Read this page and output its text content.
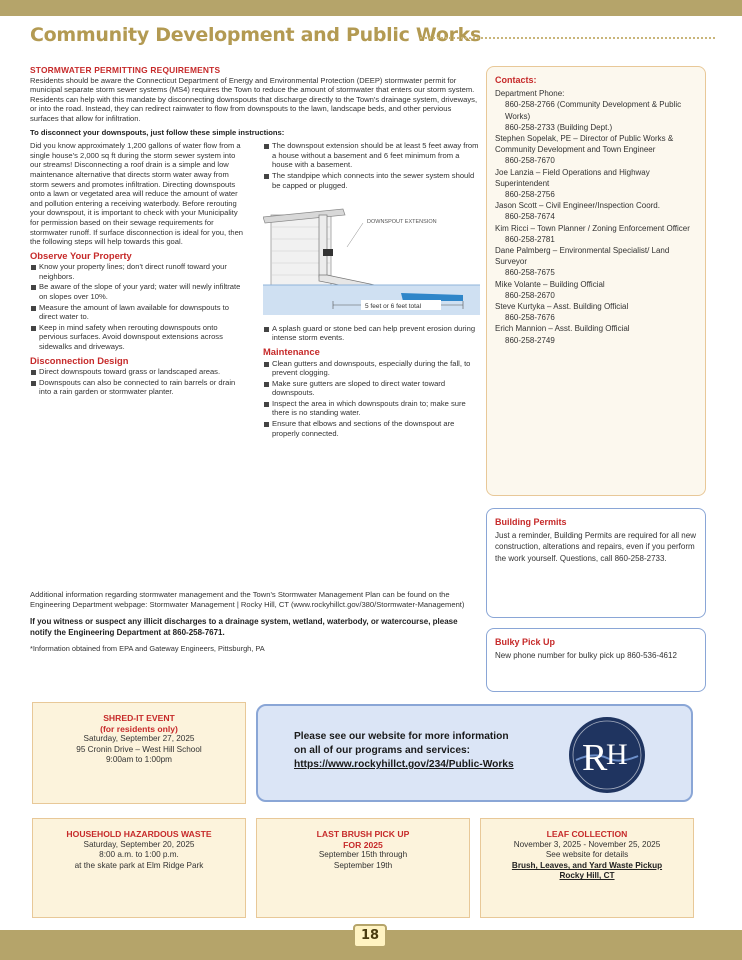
Community Development and Public Works
STORMWATER PERMITTING REQUIREMENTS
Residents should be aware the Connecticut Department of Energy and Environmental Protection (DEEP) stormwater permit for municipal separate storm sewer systems (MS4) requires the Town to reduce the amount of stormwater that enters our storm system. Residents can help with this mandate by disconnecting downspouts that discharge directly to the Town's drainage system, driveways, or into the road. Instead, they can redirect rainwater to flow from downspouts to the lawn, landscape beds, and other pervious surfaces that allow for infiltration.
To disconnect your downspouts, just follow these simple instructions:
Did you know approximately 1,200 gallons of water flow from a single house's 2,000 sq ft during the storm sewer system into our streams! Disconnecting a roof drain is a simple and low maintenance alternative that directs storm water away from storm sewers and promotes infiltration. Directing downspouts onto a lawn or vegetated area will reduce the amount of water and pollution entering a receiving waterbody. Before rerouting your downspout, it is important to check with your Municipality for permission based on their sewage requirements for stormwater runoff. If surface disconnection is ideal for you, then the following steps will help towards this goal.
Observe Your Property
Know your property lines; don't direct runoff toward your neighbors.
Be aware of the slope of your yard; water will newly infiltrate on slopes over 10%.
Measure the amount of lawn available for downspouts to direct water to.
Keep in mind safety when rerouting downspouts onto pervious surfaces. Avoid downspout extensions across sidewalks and driveways.
Disconnection Design
Direct downspouts toward grass or landscaped areas.
Downspouts can also be connected to rain barrels or drain into a rain garden or stormwater planter.
The downspout extension should be at least 5 feet away from a house without a basement and 6 feet minimum from a house with a basement.
The standpipe which connects into the sewer system should be capped or plugged.
DOWNSPOUT EXTENSION
5 feet or 6 feet total
A splash guard or stone bed can help prevent erosion during intense storm events.
Maintenance
Clean gutters and downspouts, especially during the fall, to prevent clogging.
Make sure gutters are sloped to direct water toward downspouts.
Inspect the area in which downspouts drain to; make sure there is no standing water.
Ensure that elbows and sections of the downspout are properly connected.
Additional information regarding stormwater management and the Town's Stormwater Management Plan can be found on the Engineering Department webpage: Stormwater Management | Rocky Hill, CT (www.rockyhillct.gov/380/Stormwater-Management)
If you witness or suspect any illicit discharges to a drainage system, wetland, waterbody, or watercourse, please notify the Engineering Department at 860-258-7671.
*Information obtained from EPA and Gateway Engineers, Pittsburgh, PA
Contacts:
Department Phone:
860-258-2766 (Community Development & Public Works)
860-258-2733 (Building Dept.)
Stephen Sopelak, PE – Director of Public Works & Community Development and Town Engineer
860-258-7670
Joe Lanzia – Field Operations and Highway Superintendent
860-258-2756
Jason Scott – Civil Engineer/Inspection Coord.
860-258-7674
Kim Ricci – Town Planner / Zoning Enforcement Officer
860-258-2781
Dane Palmberg – Environmental Specialist/ Land Surveyor
860-258-7675
Mike Volante – Building Official
860-258-2670
Steve Kurtyka – Asst. Building Official
860-258-7676
Erich Mannion – Asst. Building Official
860-258-2749
Building Permits
Just a reminder, Building Permits are required for all new construction, alterations and repairs, even if you perform the work yourself. Questions, call 860-258-2733.
Bulky Pick Up
New phone number for bulky pick up 860-536-4612
SHRED-IT EVENT
(for residents only)
Saturday, September 27, 2025
95 Cronin Drive – West Hill School
9:00am to 1:00pm
Please see our website for more information
on all of our programs and services:
https://www.rockyhillct.gov/234/Public-Works	R
H
HOUSEHOLD HAZARDOUS WASTE
Saturday, September 20, 2025
8:00 a.m. to 1:00 p.m.
at the skate park at Elm Ridge Park
LAST BRUSH PICK UP
FOR 2025
September 15th through
September 19th
LEAF COLLECTION
November 3, 2025 - November 25, 2025
See website for details
Brush, Leaves, and Yard Waste Pickup
Rocky Hill, CT
18
